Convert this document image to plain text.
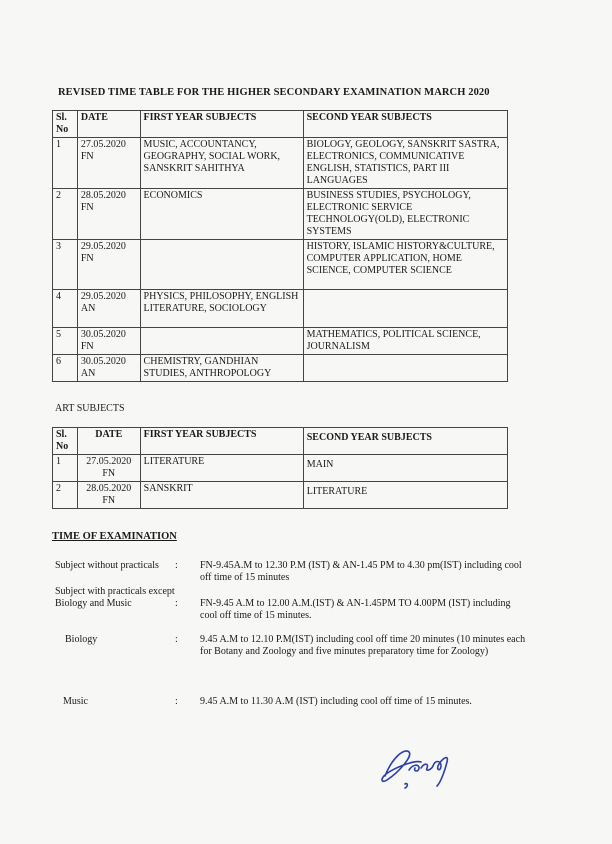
REVISED TIME TABLE FOR THE HIGHER SECONDARY EXAMINATION MARCH 2020
Sl. No	DATE	FIRST YEAR SUBJECTS	SECOND YEAR SUBJECTS
1	27.05.2020 FN	MUSIC, ACCOUNTANCY, GEOGRAPHY, SOCIAL WORK, SANSKRIT SAHITHYA	BIOLOGY, GEOLOGY, SANSKRIT SASTRA, ELECTRONICS, COMMUNICATIVE ENGLISH, STATISTICS, PART III LANGUAGES
2	28.05.2020 FN	ECONOMICS	BUSINESS STUDIES, PSYCHOLOGY, ELECTRONIC SERVICE TECHNOLOGY(OLD), ELECTRONIC SYSTEMS
3	29.05.2020 FN		HISTORY, ISLAMIC HISTORY&CULTURE, COMPUTER APPLICATION, HOME SCIENCE, COMPUTER SCIENCE
4	29.05.2020 AN	PHYSICS, PHILOSOPHY, ENGLISH LITERATURE, SOCIOLOGY	
5	30.05.2020 FN		MATHEMATICS, POLITICAL SCIENCE, JOURNALISM
6	30.05.2020 AN	CHEMISTRY, GANDHIAN STUDIES, ANTHROPOLOGY	
ART SUBJECTS
Sl. No	DATE	FIRST YEAR SUBJECTS	SECOND YEAR SUBJECTS
1	27.05.2020 FN	LITERATURE	MAIN
2	28.05.2020 FN	SANSKRIT	LITERATURE
TIME OF EXAMINATION
Subject without practicals	: FN-9.45A.M to 12.30 P.M (IST) & AN-1.45 PM to 4.30 pm(IST) including cool off time of 15 minutes
Subject with practicals except Biology and Music	: FN-9.45 A.M to 12.00 A.M.(IST) & AN-1.45PM TO 4.00PM (IST) including cool off time of 15 minutes.
Biology	: 9.45 A.M to 12.10 P.M(IST) including cool off time 20 minutes (10 minutes each for Botany and Zoology and five minutes preparatory time for Zoology)
Music	: 9.45 A.M to 11.30 A.M (IST) including cool off time of 15 minutes.
